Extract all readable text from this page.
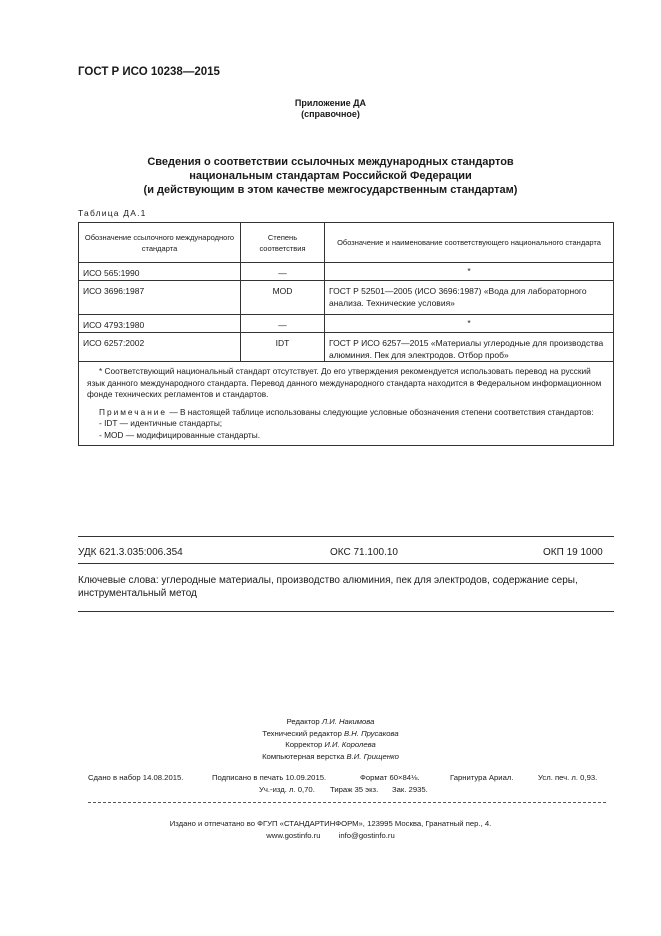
ГОСТ Р ИСО 10238—2015
Приложение ДА
(справочное)
Сведения о соответствии ссылочных международных стандартов
национальным стандартам Российской Федерации
(и действующим в этом качестве межгосударственным стандартам)
Таблица ДА.1
Обозначение ссылочного международного стандарта	Степень соответствия	Обозначение и наименование соответствующего национального стандарта
ИСО 565:1990	—	*
ИСО 3696:1987	MOD	ГОСТ Р 52501—2005 (ИСО 3696:1987) «Вода для лабораторного анализа. Технические условия»
ИСО 4793:1980	—	*
ИСО 6257:2002	IDT	ГОСТ Р ИСО 6257—2015 «Материалы углеродные для производства алюминия. Пек для электродов. Отбор проб»

* Соответствующий национальный стандарт отсутствует. До его утверждения рекомендуется использовать перевод на русский язык данного международного стандарта. Перевод данного международного стандарта находится в Федеральном информационном фонде технических регламентов и стандартов.
Примечание — В настоящей таблице использованы следующие условные обозначения степени соответствия стандартов:
- IDT — идентичные стандарты;
- MOD — модифицированные стандарты.		
УДК 621.3.035:006.354	ОКС 71.100.10	ОКП 19 1000
Ключевые слова: углеродные материалы, производство алюминия, пек для электродов, содержание серы, инструментальный метод
Редактор Л.И. Накимова
Технический редактор В.Н. Прусакова
Корректор И.И. Королева
Компьютерная верстка В.И. Грищенко
Сдано в набор 14.08.2015.	Подписано в печать 10.09.2015.	Формат 60×84⅛.	Гарнитура Ариал.	Усл. печ. л. 0,93.
Уч.-изд. л. 0,70. Тираж 35 экз. Зак. 2935.
Издано и отпечатано во ФГУП «СТАНДАРТИНФОРМ», 123995 Москва, Гранатный пер., 4.
www.gostinfo.ru info@gostinfo.ru
